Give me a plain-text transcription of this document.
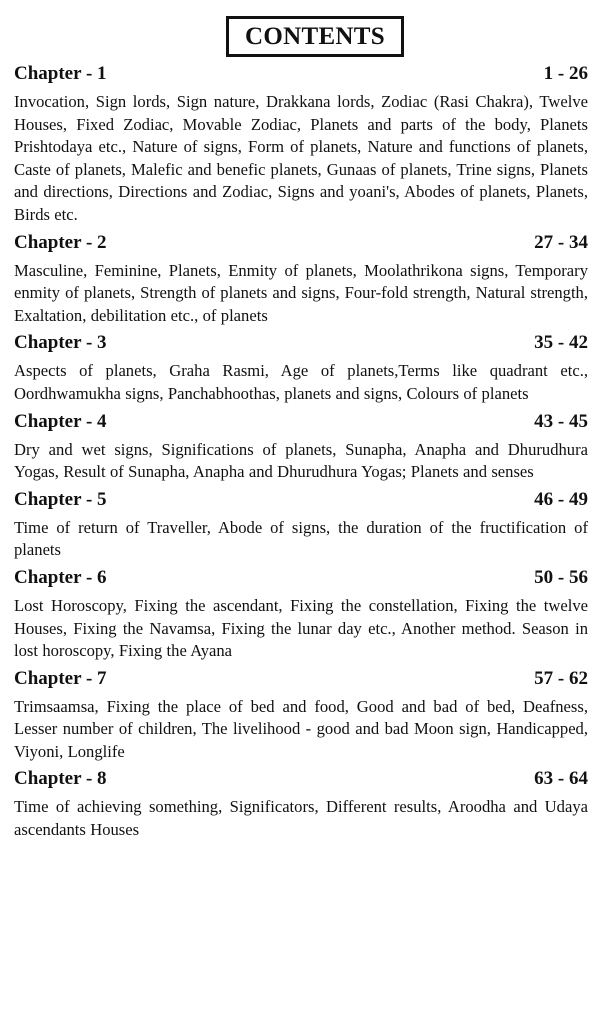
CONTENTS
Chapter - 1	1 - 26
Invocation, Sign lords, Sign nature, Drakkana lords, Zodiac (Rasi Chakra), Twelve Houses, Fixed Zodiac, Movable Zodiac, Planets and parts of the body, Planets Prishtodaya etc., Nature of signs, Form of planets, Nature and functions of planets, Caste of planets, Malefic and benefic planets, Gunaas of planets, Trine signs, Planets and directions, Directions and Zodiac, Signs and yoani's, Abodes of planets, Planets, Birds etc.
Chapter - 2	27 - 34
Masculine, Feminine, Planets, Enmity of planets, Moolathrikona signs, Temporary enmity of planets, Strength of planets and signs, Four-fold strength, Natural strength, Exaltation, debilitation etc., of planets
Chapter - 3	35 - 42
Aspects of planets, Graha Rasmi, Age of planets,Terms like quadrant etc., Oordhwamukha signs, Panchabhoothas, planets and signs, Colours of planets
Chapter - 4	43 - 45
Dry and wet signs, Significations of planets, Sunapha, Anapha and Dhurudhura Yogas, Result of Sunapha, Anapha and Dhurudhura Yogas; Planets and senses
Chapter - 5	46 - 49
Time of return of Traveller, Abode of signs, the duration of the fructification of planets
Chapter - 6	50 - 56
Lost Horoscopy, Fixing the ascendant, Fixing the constellation, Fixing the twelve Houses, Fixing the Navamsa, Fixing the lunar day etc., Another method. Season in lost horoscopy, Fixing the Ayana
Chapter - 7	57 - 62
Trimsaamsa, Fixing the place of bed and food, Good and bad of bed, Deafness, Lesser number of children, The livelihood - good and bad Moon sign, Handicapped, Viyoni, Longlife
Chapter - 8	63 - 64
Time of achieving something, Significators, Different results, Aroodha and Udaya ascendants Houses
